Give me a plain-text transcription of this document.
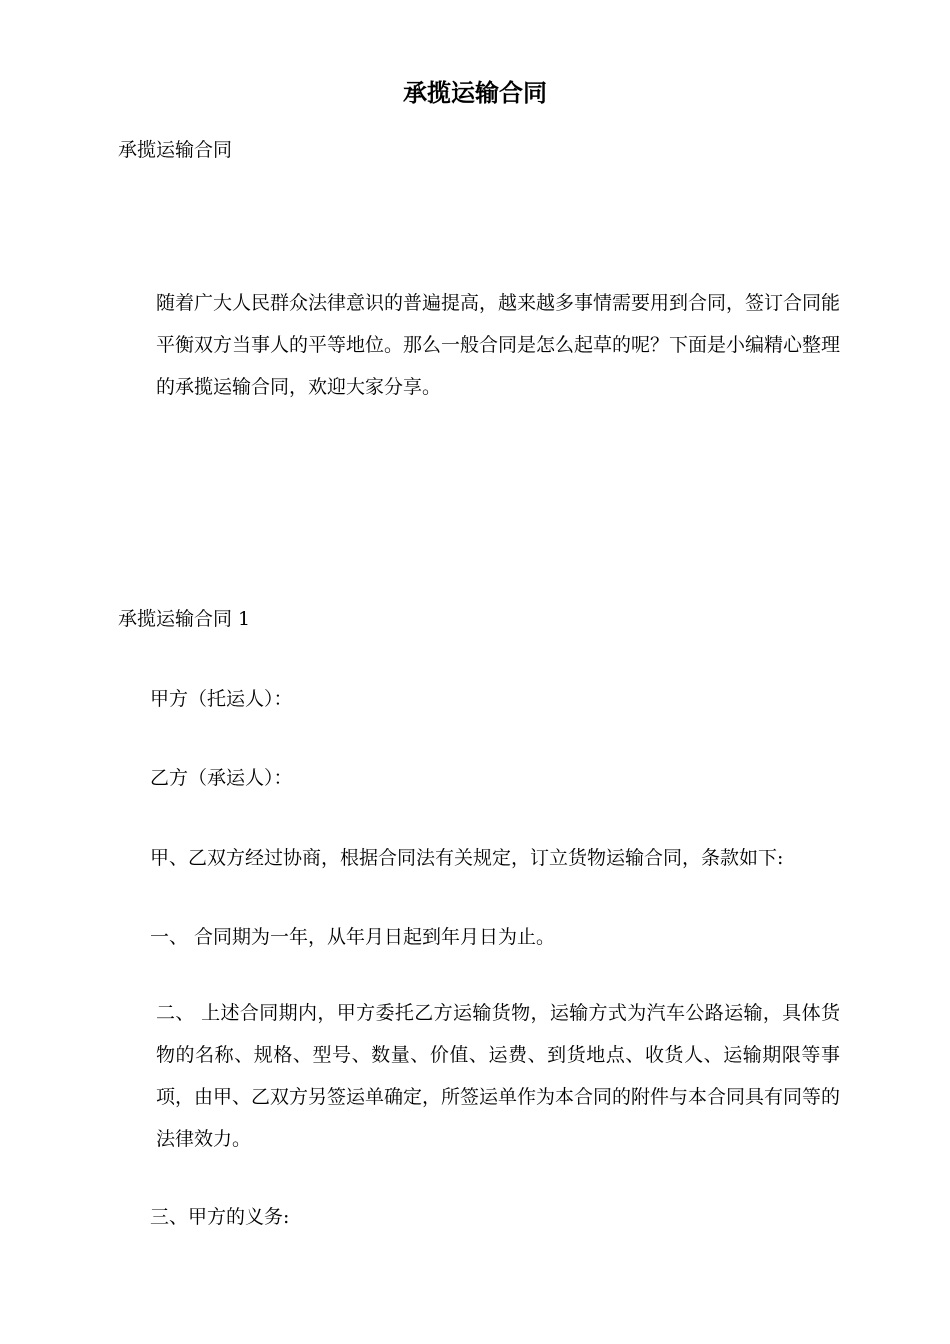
承揽运输合同
承揽运输合同
随着广大人民群众法律意识的普遍提高，越来越多事情需要用到合同，签订合同能平衡双方当事人的平等地位。那么一般合同是怎么起草的呢？下面是小编精心整理的承揽运输合同，欢迎大家分享。
承揽运输合同 1
甲方（托运人）：
乙方（承运人）：
甲、乙双方经过协商，根据合同法有关规定，订立货物运输合同，条款如下:
一、 合同期为一年，从年月日起到年月日为止。
二、 上述合同期内，甲方委托乙方运输货物，运输方式为汽车公路运输，具体货物的名称、规格、型号、数量、价值、运费、到货地点、收货人、运输期限等事项，由甲、乙双方另签运单确定，所签运单作为本合同的附件与本合同具有同等的法律效力。
三、甲方的义务:
